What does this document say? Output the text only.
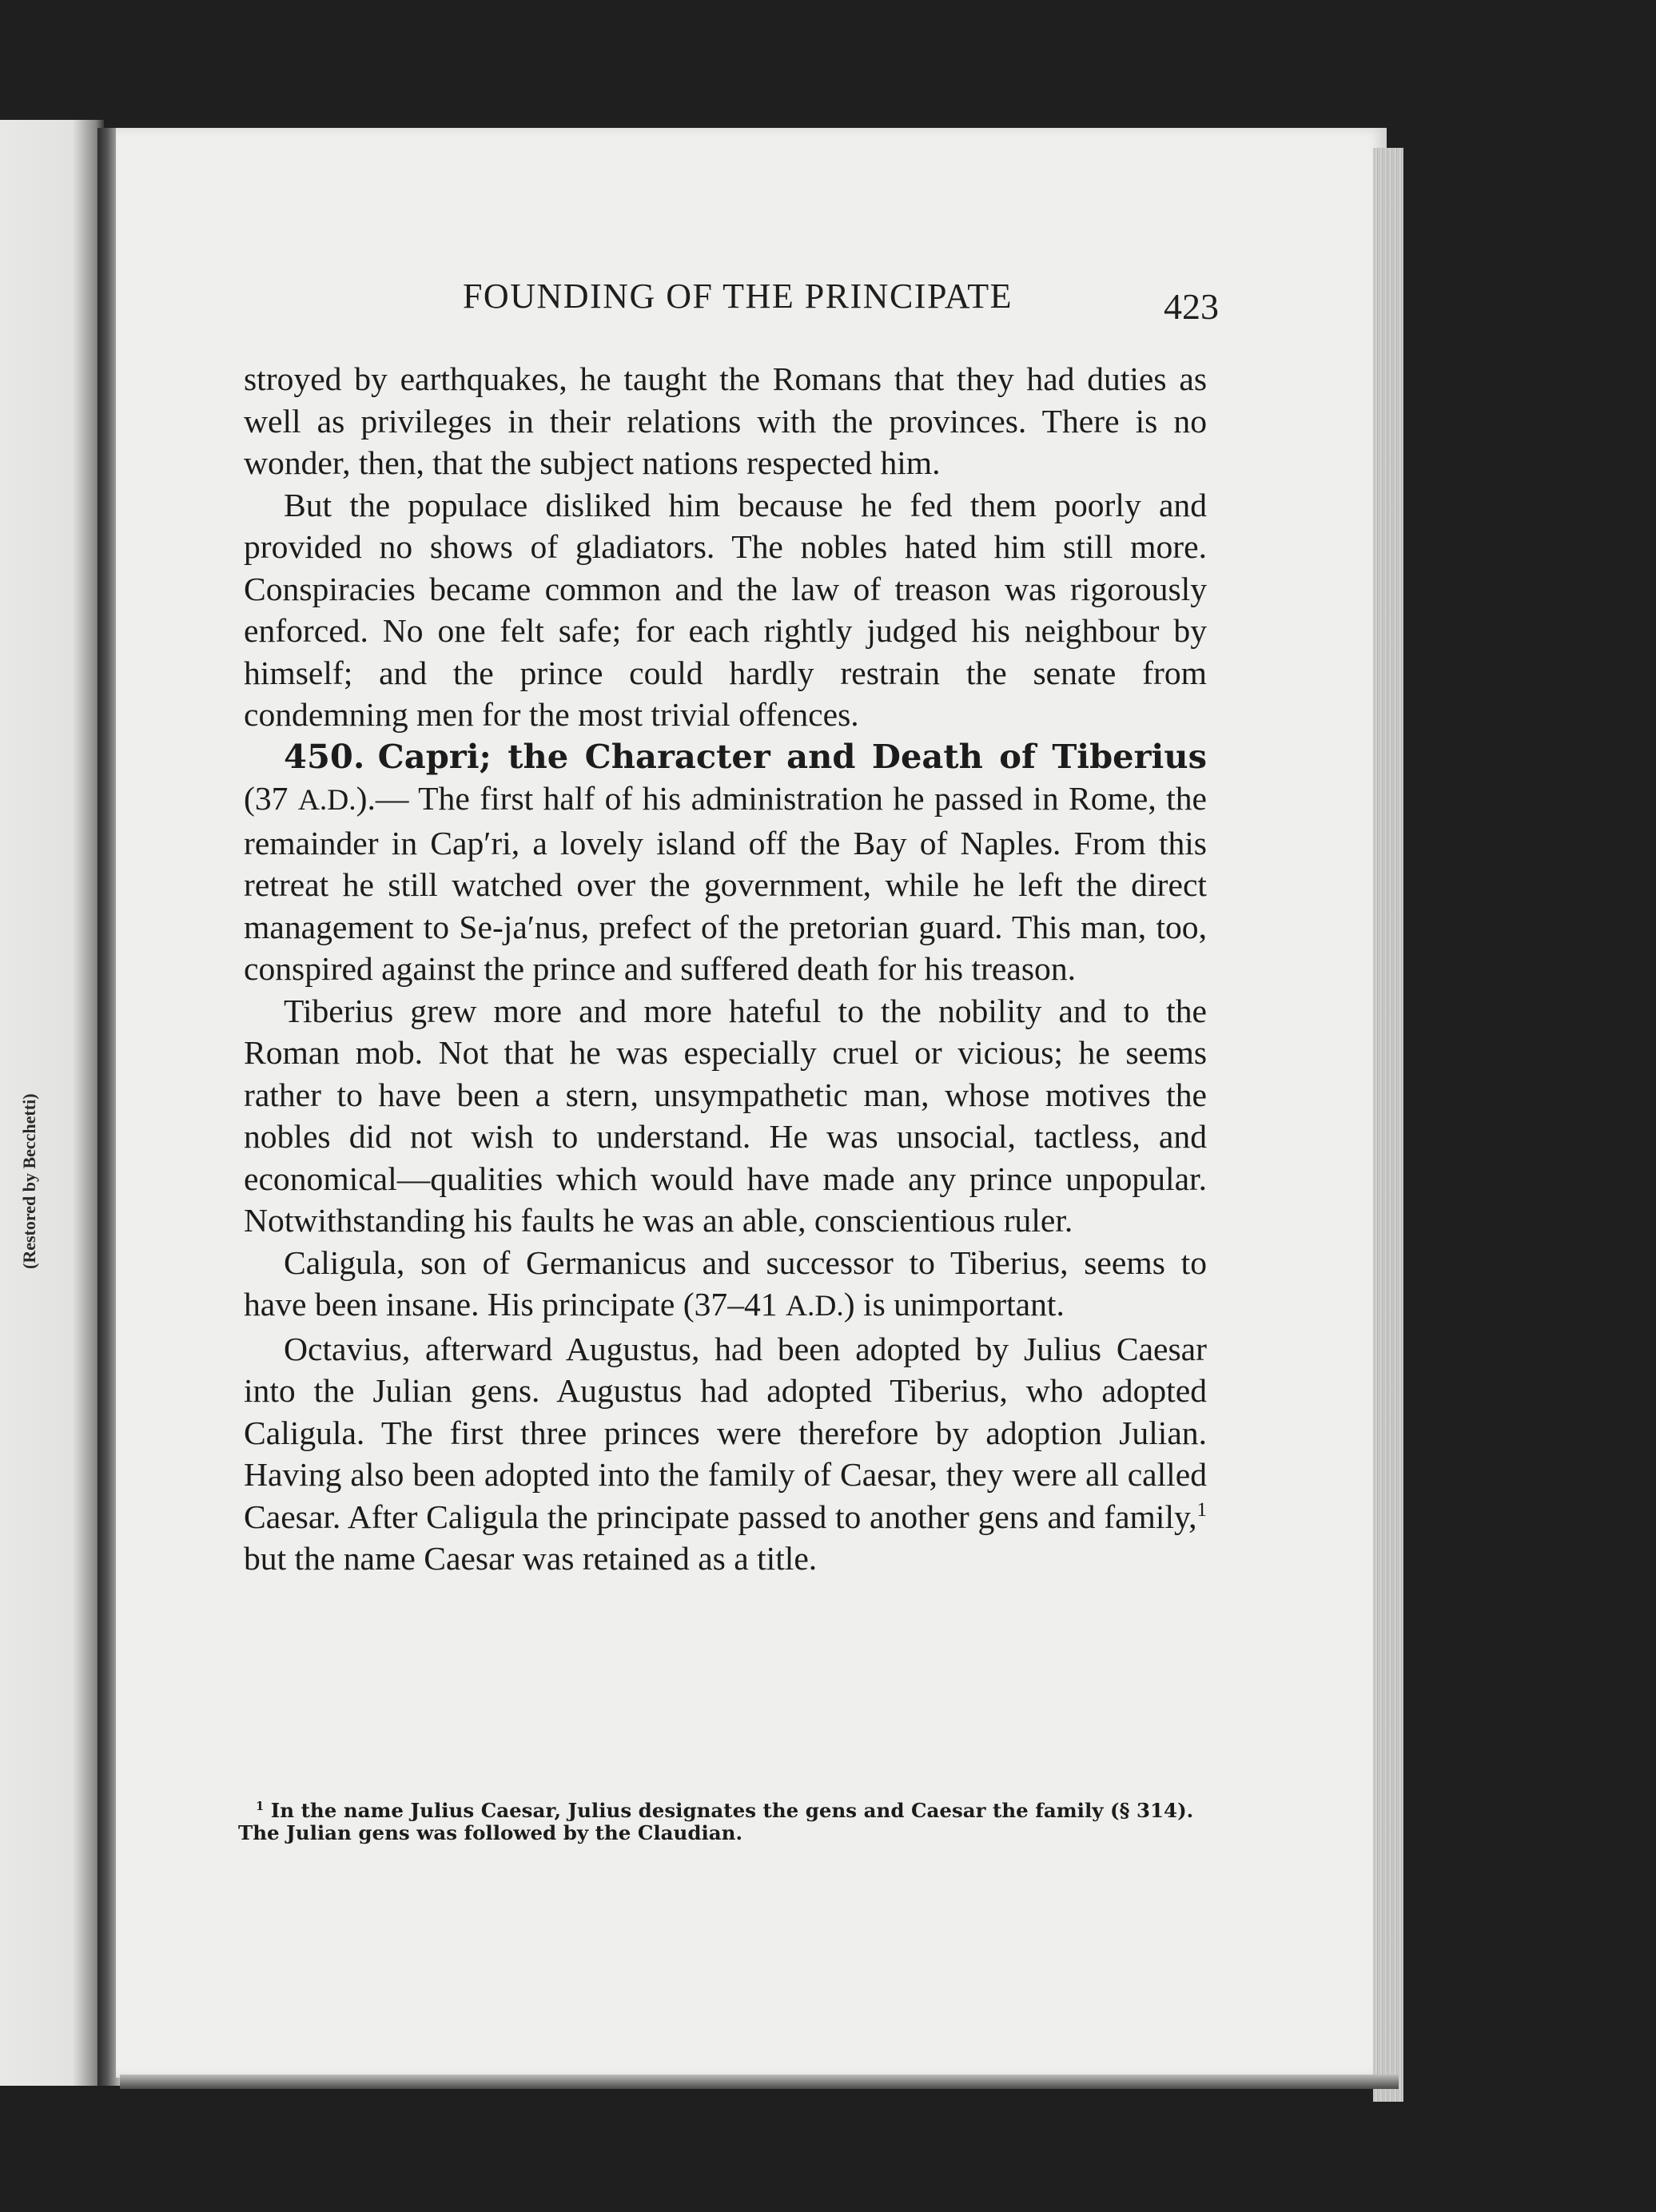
(Restored by Becchetti)
FOUNDING OF THE PRINCIPATE	423

stroyed by earthquakes, he taught the Romans that they had duties as well as privileges in their relations with the provinces. There is no wonder, then, that the subject nations respected him.

But the populace disliked him because he fed them poorly and provided no shows of gladiators. The nobles hated him still more. Conspiracies became common and the law of treason was rigorously enforced. No one felt safe; for each rightly judged his neighbour by himself; and the prince could hardly restrain the senate from condemning men for the most trivial offences.

450. Capri; the Character and Death of Tiberius (37 A.D.).— The first half of his administration he passed in Rome, the remainder in Cap′ri, a lovely island off the Bay of Naples. From this retreat he still watched over the government, while he left the direct management to Se-ja′nus, prefect of the pretorian guard. This man, too, conspired against the prince and suffered death for his treason.

Tiberius grew more and more hateful to the nobility and to the Roman mob. Not that he was especially cruel or vicious; he seems rather to have been a stern, unsympathetic man, whose motives the nobles did not wish to understand. He was unsocial, tactless, and economical—qualities which would have made any prince unpopular. Notwithstanding his faults he was an able, conscientious ruler.

Caligula, son of Germanicus and successor to Tiberius, seems to have been insane. His principate (37–41 A.D.) is unimportant.

Octavius, afterward Augustus, had been adopted by Julius Caesar into the Julian gens. Augustus had adopted Tiberius, who adopted Caligula. The first three princes were therefore by adoption Julian. Having also been adopted into the family of Caesar, they were all called Caesar. After Caligula the principate passed to another gens and family,$^1$ but the name Caesar was retained as a title.

$^1$ In the name Julius Caesar, Julius designates the gens and Caesar the family (§ 314).
The Julian gens was followed by the Claudian.
